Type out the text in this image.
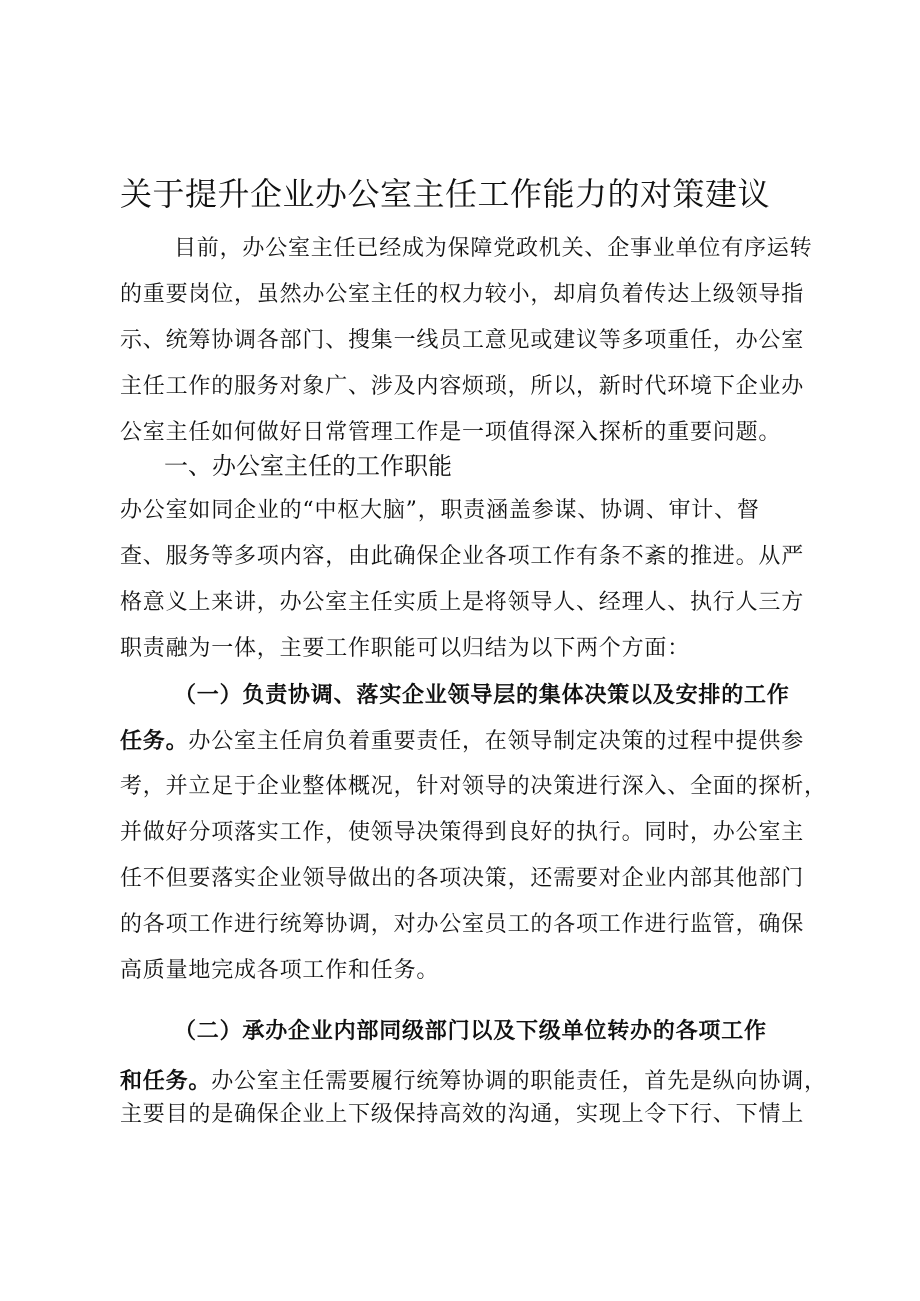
关于提升企业办公室主任工作能力的对策建议
目前，办公室主任已经成为保障党政机关、企事业单位有序运转
的重要岗位，虽然办公室主任的权力较小，却肩负着传达上级领导指
示、统筹协调各部门、搜集一线员工意见或建议等多项重任，办公室
主任工作的服务对象广、涉及内容烦琐，所以，新时代环境下企业办
公室主任如何做好日常管理工作是一项值得深入探析的重要问题。
一、办公室主任的工作职能
办公室如同企业的“中枢大脑”，职责涵盖参谋、协调、审计、督
查、服务等多项内容，由此确保企业各项工作有条不紊的推进。从严
格意义上来讲，办公室主任实质上是将领导人、经理人、执行人三方
职责融为一体，主要工作职能可以归结为以下两个方面：
（一）负责协调、落实企业领导层的集体决策以及安排的工作
任务。办公室主任肩负着重要责任，在领导制定决策的过程中提供参
考，并立足于企业整体概况，针对领导的决策进行深入、全面的探析，
并做好分项落实工作，使领导决策得到良好的执行。同时，办公室主
任不但要落实企业领导做出的各项决策，还需要对企业内部其他部门
的各项工作进行统筹协调，对办公室员工的各项工作进行监管，确保
高质量地完成各项工作和任务。
（二）承办企业内部同级部门以及下级单位转办的各项工作
和任务。办公室主任需要履行统筹协调的职能责任，首先是纵向协调，
主要目的是确保企业上下级保持高效的沟通，实现上令下行、下情上
